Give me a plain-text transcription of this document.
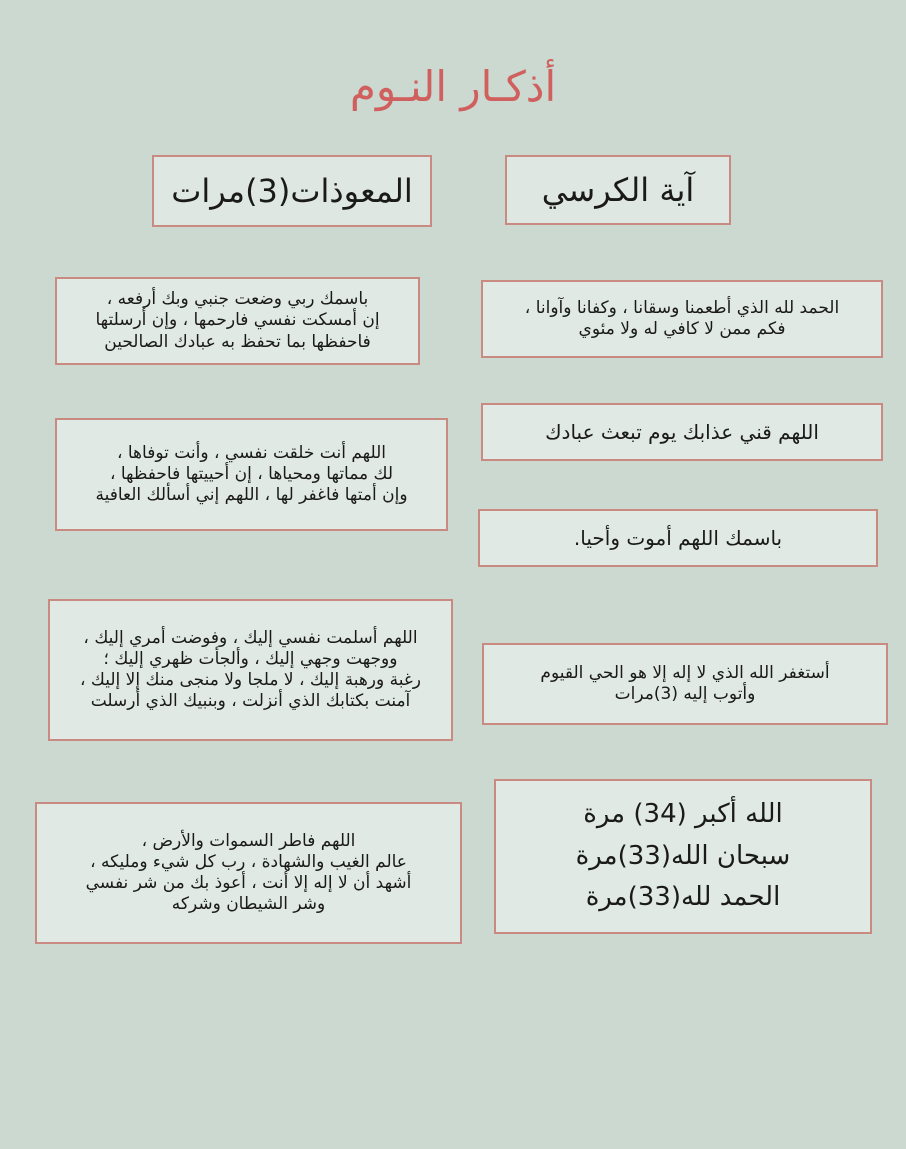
أذكـار النـوم
آية الكرسي
المعوذات(3)مرات
الحمد لله الذي أطعمنا وسقانا ، وكفانا وآوانا ،
فكم ممن لا كافي له ولا مئوي
اللهم قني عذابك يوم تبعث عبادك
باسمك اللهم أموت وأحيا.
أستغفر الله الذي لا إله إلا هو الحي القيوم
وأتوب إليه (3)مرات
الله أكبر (34) مرة
سبحان الله(33)مرة
الحمد لله(33)مرة
باسمك ربي وضعت جنبي وبك أرفعه ،
إن أمسكت نفسي فارحمها ، وإن أرسلتها
فاحفظها بما تحفظ به عبادك الصالحين
اللهم أنت خلقت نفسي ، وأنت توفاها ،
لك مماتها ومحياها ، إن أحييتها فاحفظها ،
وإن أمتها فاغفر لها ، اللهم إني أسألك العافية
اللهم أسلمت نفسي إليك ، وفوضت أمري إليك ،
ووجهت وجهي إليك ، وألجأت ظهري إليك ؛
رغبة ورهبة إليك ، لا ملجا ولا منجى منك إلا إليك ،
آمنت بكتابك الذي أنزلت ، وبنبيك الذي أرسلت
اللهم فاطر السموات والأرض ،
عالم الغيب والشهادة ، رب كل شيء ومليكه ،
أشهد أن لا إله إلا أنت ، أعوذ بك من شر نفسي
وشر الشيطان وشركه
